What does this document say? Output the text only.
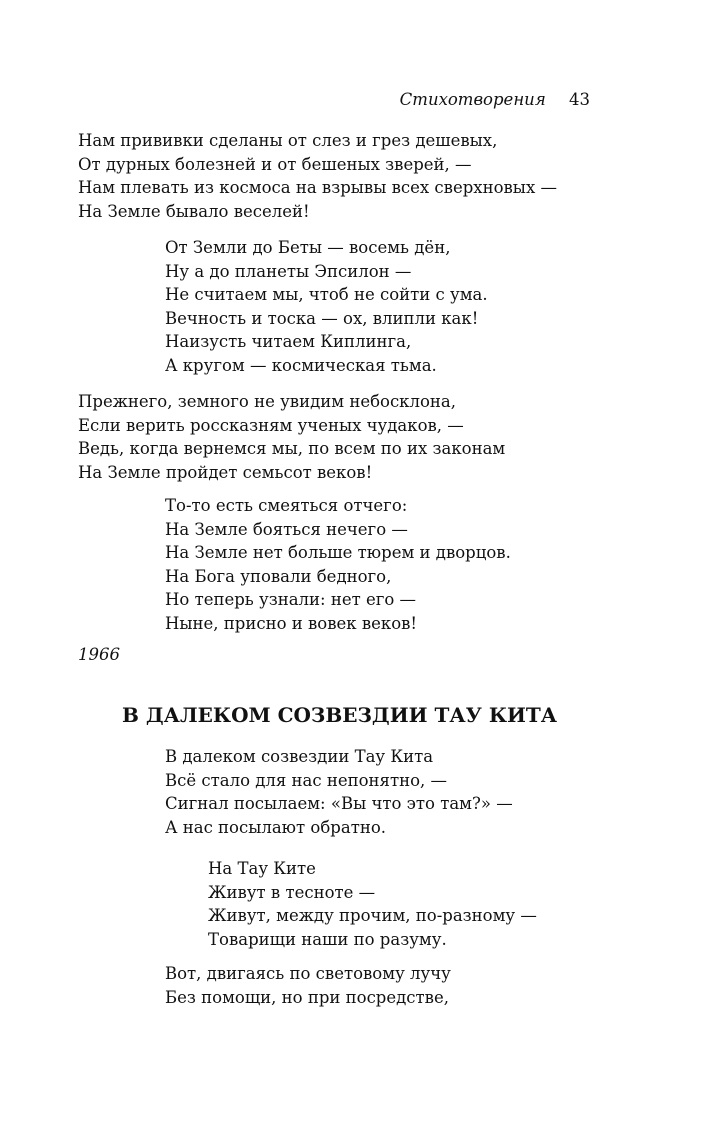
Стихотворения 43
Нам прививки сделаны от слез и грез дешевых,
От дурных болезней и от бешеных зверей, —
Нам плевать из космоса на взрывы всех сверхновых —
На Земле бывало веселей!
От Земли до Беты — восемь дён,
Ну а до планеты Эпсилон —
Не считаем мы, чтоб не сойти с ума.
Вечность и тоска — ох, влипли как!
Наизусть читаем Киплинга,
А кругом — космическая тьма.
Прежнего, земного не увидим небосклона,
Если верить россказням ученых чудаков, —
Ведь, когда вернемся мы, по всем по их законам
На Земле пройдет семьсот веков!
То-то есть смеяться отчего:
На Земле бояться нечего —
На Земле нет больше тюрем и дворцов.
На Бога уповали бедного,
Но теперь узнали: нет его —
Ныне, присно и вовек веков!
1966
В ДАЛЕКОМ СОЗВЕЗДИИ ТАУ КИТА
В далеком созвездии Тау Кита
Всё стало для нас непонятно, —
Сигнал посылаем: «Вы что это там?» —
А нас посылают обратно.
На Тау Ките
Живут в тесноте —
Живут, между прочим, по-разному —
Товарищи наши по разуму.
Вот, двигаясь по световому лучу
Без помощи, но при посредстве,
